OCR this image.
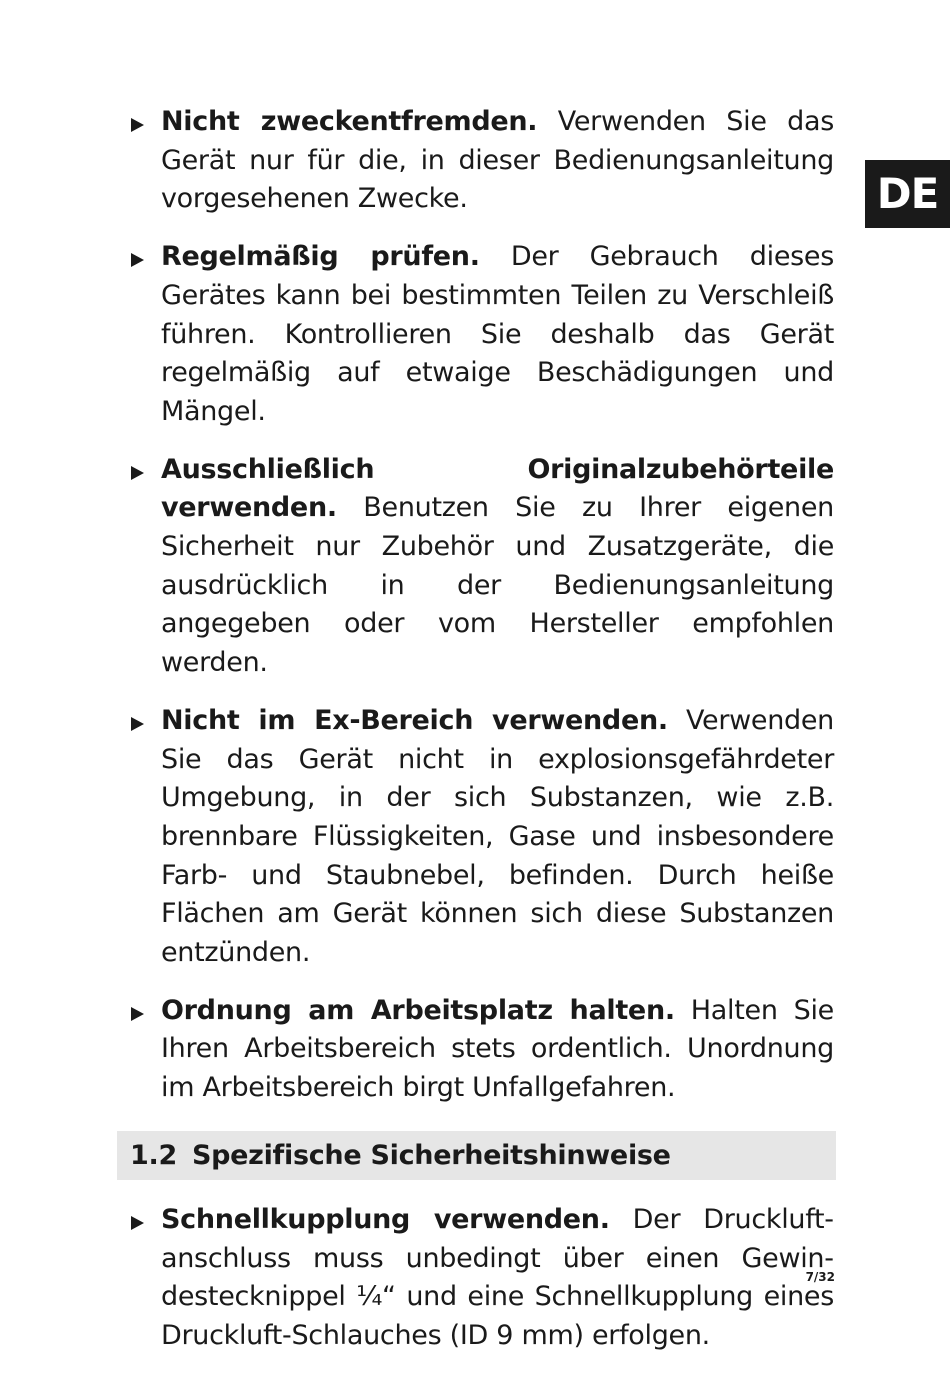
DE
Nicht zweckentfremden. Verwenden Sie das Gerät nur für die, in dieser Bedienungsanleitung vorgesehenen Zwecke.
Regelmäßig prüfen. Der Gebrauch dieses Gerätes kann bei bestimmten Teilen zu Verschleiß führen. Kontrollieren Sie deshalb das Gerät regelmäßig auf etwaige Beschädigungen und Mängel.
Ausschließlich Originalzubehörteile verwenden. Benutzen Sie zu Ihrer eigenen Sicherheit nur Zubehör und Zusatzgeräte, die ausdrücklich in der Bedienungsanleitung angegeben oder vom Hersteller empfohlen werden.
Nicht im Ex-Bereich verwenden. Verwenden Sie das Gerät nicht in explosionsgefährdeter Umgebung, in der sich Substanzen, wie z.B. brennbare Flüssigkeiten, Gase und insbesondere Farb- und Staubnebel, befinden. Durch heiße Flächen am Gerät können sich diese Substanzen entzünden.
Ordnung am Arbeitsplatz halten. Halten Sie Ihren Arbeitsbereich stets ordentlich. Unordnung im Arbeitsbereich birgt Unfallgefahren.
1.2 Spezifische Sicherheitshinweise
Schnellkupplung verwenden. Der Druckluftanschluss muss unbedingt über einen Gewindestecknippel ¼“ und eine Schnellkupplung eines Druckluft-Schlauches (ID 9 mm) erfolgen.
7/32
